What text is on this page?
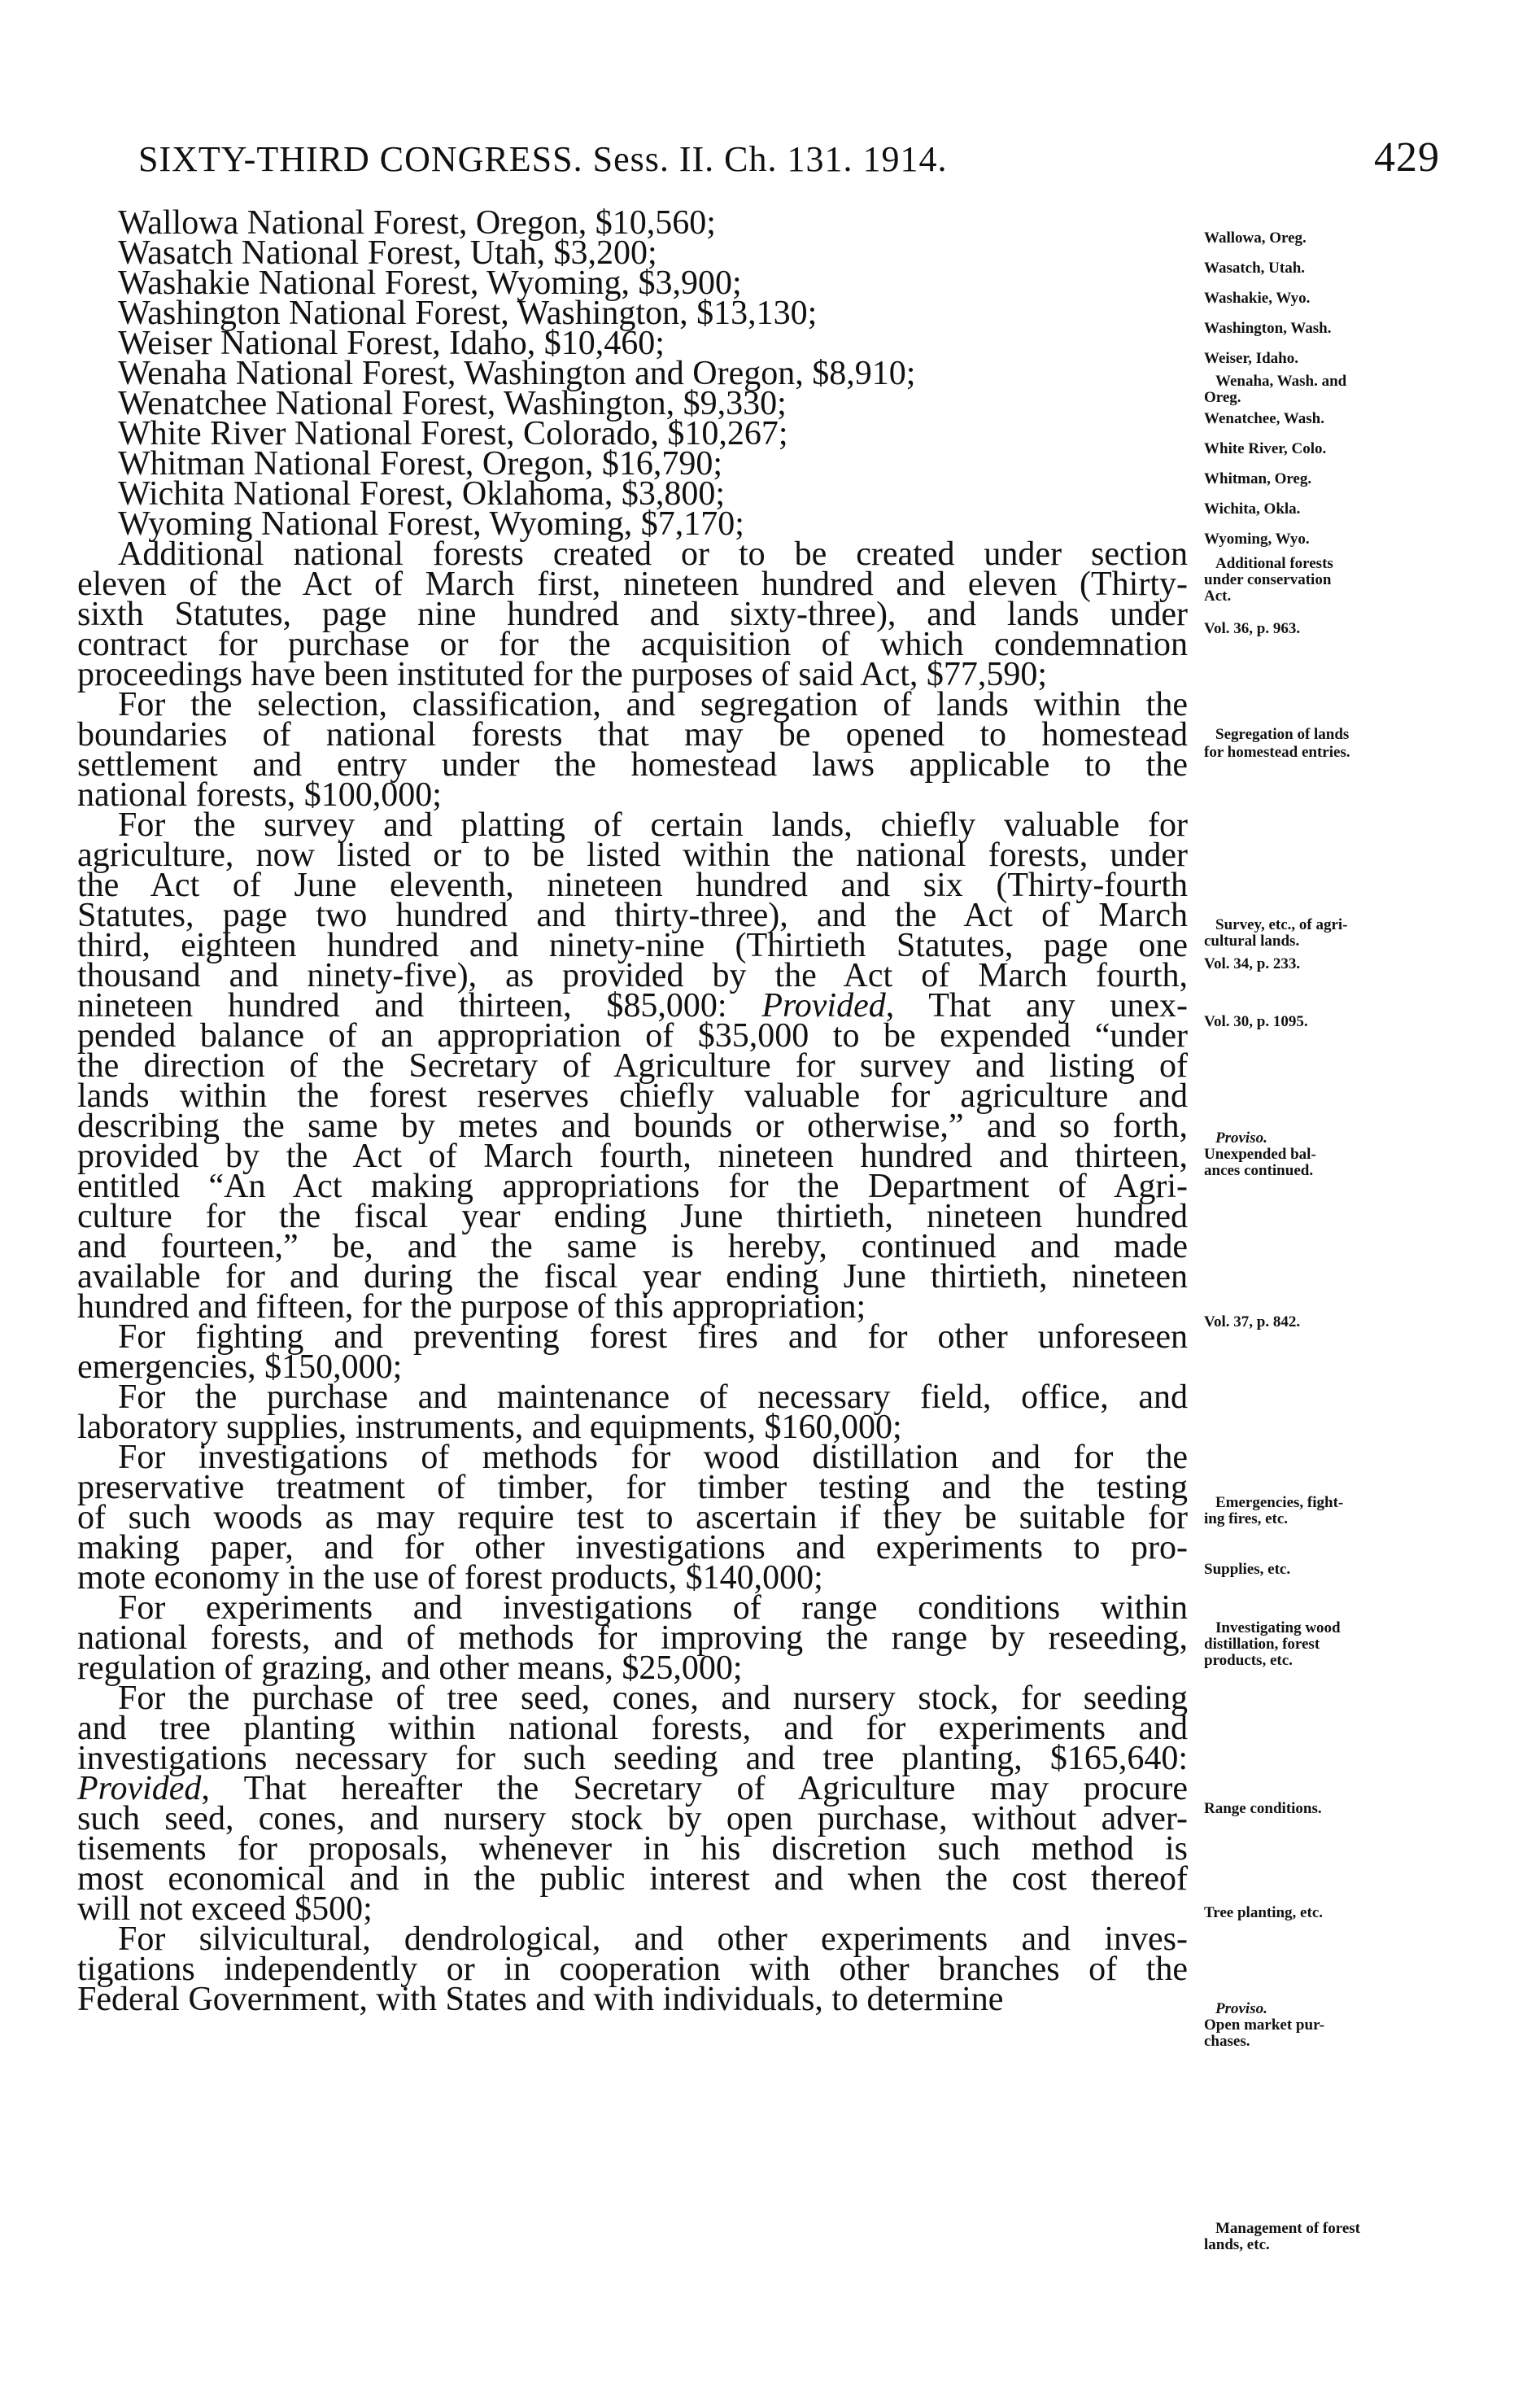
SIXTY-THIRD CONGRESS. Sess. II. Ch. 131. 1914.	429
Wallowa National Forest, Oregon, $10,560;
Wasatch National Forest, Utah, $3,200;
Washakie National Forest, Wyoming, $3,900;
Washington National Forest, Washington, $13,130;
Weiser National Forest, Idaho, $10,460;
Wenaha National Forest, Washington and Oregon, $8,910;
Wenatchee National Forest, Washington, $9,330;
White River National Forest, Colorado, $10,267;
Whitman National Forest, Oregon, $16,790;
Wichita National Forest, Oklahoma, $3,800;
Wyoming National Forest, Wyoming, $7,170;
Additional national forests created or to be created under section
eleven of the Act of March first, nineteen hundred and eleven (Thirty-
sixth Statutes, page nine hundred and sixty-three), and lands under
contract for purchase or for the acquisition of which condemnation
proceedings have been instituted for the purposes of said Act, $77,590;
For the selection, classification, and segregation of lands within the
boundaries of national forests that may be opened to homestead
settlement and entry under the homestead laws applicable to the
national forests, $100,000;
For the survey and platting of certain lands, chiefly valuable for
agriculture, now listed or to be listed within the national forests, under
the Act of June eleventh, nineteen hundred and six (Thirty-fourth
Statutes, page two hundred and thirty-three), and the Act of March
third, eighteen hundred and ninety-nine (Thirtieth Statutes, page one
thousand and ninety-five), as provided by the Act of March fourth,
nineteen hundred and thirteen, $85,000: Provided, That any unex-
pended balance of an appropriation of $35,000 to be expended “under
the direction of the Secretary of Agriculture for survey and listing of
lands within the forest reserves chiefly valuable for agriculture and
describing the same by metes and bounds or otherwise,” and so forth,
provided by the Act of March fourth, nineteen hundred and thirteen,
entitled “An Act making appropriations for the Department of Agri-
culture for the fiscal year ending June thirtieth, nineteen hundred
and fourteen,” be, and the same is hereby, continued and made
available for and during the fiscal year ending June thirtieth, nineteen
hundred and fifteen, for the purpose of this appropriation;
For fighting and preventing forest fires and for other unforeseen
emergencies, $150,000;
For the purchase and maintenance of necessary field, office, and
laboratory supplies, instruments, and equipments, $160,000;
For investigations of methods for wood distillation and for the
preservative treatment of timber, for timber testing and the testing
of such woods as may require test to ascertain if they be suitable for
making paper, and for other investigations and experiments to pro-
mote economy in the use of forest products, $140,000;
For experiments and investigations of range conditions within
national forests, and of methods for improving the range by reseeding,
regulation of grazing, and other means, $25,000;
For the purchase of tree seed, cones, and nursery stock, for seeding
and tree planting within national forests, and for experiments and
investigations necessary for such seeding and tree planting, $165,640:
Provided, That hereafter the Secretary of Agriculture may procure
such seed, cones, and nursery stock by open purchase, without adver-
tisements for proposals, whenever in his discretion such method is
most economical and in the public interest and when the cost thereof
will not exceed $500;
For silvicultural, dendrological, and other experiments and inves-
tigations independently or in cooperation with other branches of the
Federal Government, with States and with individuals, to determine
Wallowa, Oreg.
Wasatch, Utah.
Washakie, Wyo.
Washington, Wash.
Weiser, Idaho.
Wenaha, Wash. and
Oreg.
Wenatchee, Wash.
White River, Colo.
Whitman, Oreg.
Wichita, Okla.
Wyoming, Wyo.
Additional forests
under conservation
Act.
Vol. 36, p. 963.
Segregation of lands
for homestead entries.
Survey, etc., of agri-
cultural lands.
Vol. 34, p. 233.
Vol. 30, p. 1095.
Proviso.
Unexpended bal-
ances continued.
Vol. 37, p. 842.
Emergencies, fight-
ing fires, etc.
Supplies, etc.
Investigating wood
distillation, forest
products, etc.
Range conditions.
Tree planting, etc.
Proviso.
Open market pur-
chases.
Management of forest
lands, etc.
